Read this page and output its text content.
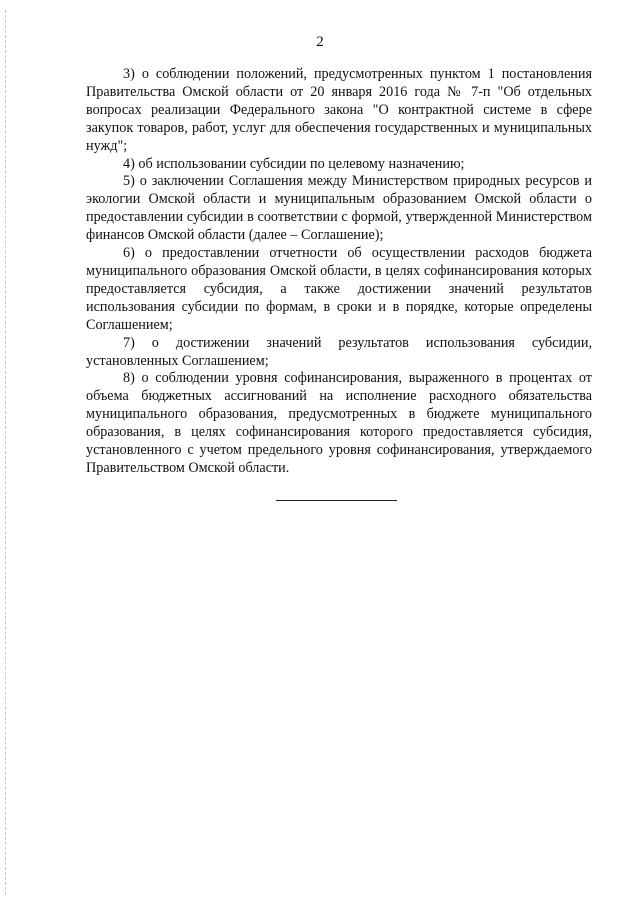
2

3) о соблюдении положений, предусмотренных пунктом 1 постановления Правительства Омской области от 20 января 2016 года № 7-п "Об отдельных вопросах реализации Федерального закона "О контрактной системе в сфере закупок товаров, работ, услуг для обеспечения государственных и муниципальных нужд";

4) об использовании субсидии по целевому назначению;

5) о заключении Соглашения между Министерством природных ресурсов и экологии Омской области и муниципальным образованием Омской области о предоставлении субсидии в соответствии с формой, утвержденной Министерством финансов Омской области (далее – Соглашение);

6) о предоставлении отчетности об осуществлении расходов бюджета муниципального образования Омской области, в целях софинансирования которых предоставляется субсидия, а также достижении значений результатов использования субсидии по формам, в сроки и в порядке, которые определены Соглашением;

7) о достижении значений результатов использования субсидии, установленных Соглашением;

8) о соблюдении уровня софинансирования, выраженного в процентах от объема бюджетных ассигнований на исполнение расходного обязательства муниципального образования, предусмотренных в бюджете муниципального образования, в целях софинансирования которого предоставляется субсидия, установленного с учетом предельного уровня софинансирования, утверждаемого Правительством Омской области.
